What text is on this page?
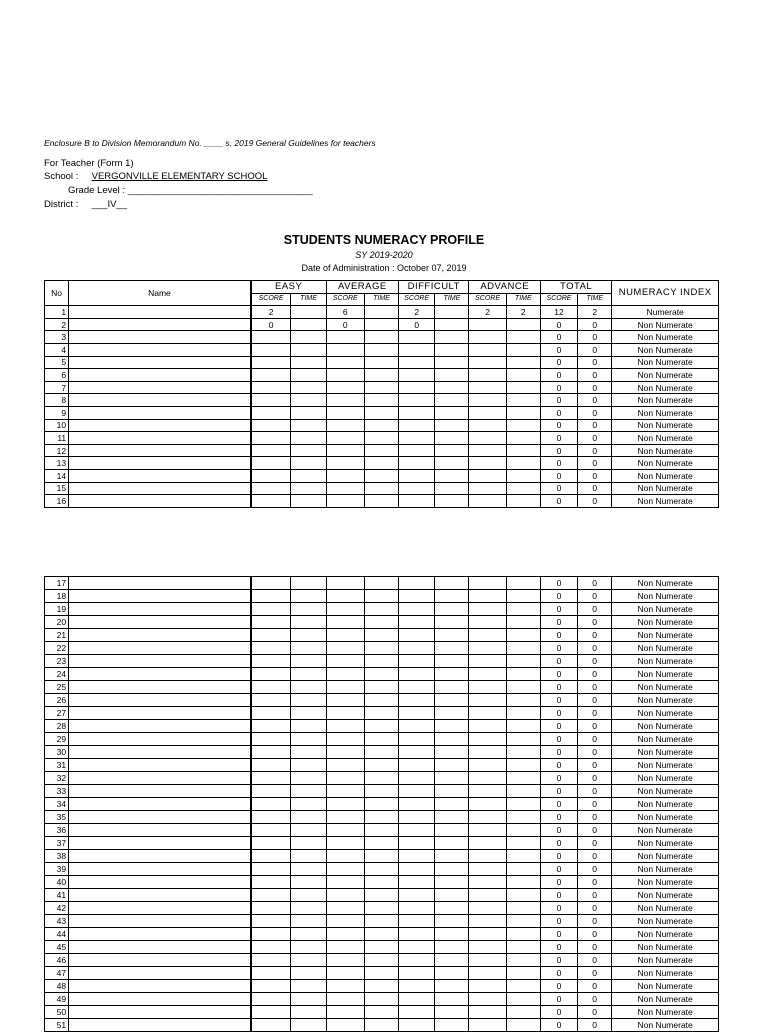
Enclosure B to Division Memorandum No. ____ s. 2019 General Guidelines for teachers
For Teacher (Form 1)
School : VERGONVILLE ELEMENTARY SCHOOL
Grade Level : ___________________________________
District : ___IV__
STUDENTS NUMERACY PROFILE
SY 2019-2020
Date of Administration : October 07, 2019
No	Name	EASY		AVERAGE		DIFFICULT		ADVANCE		TOTAL		NUMERACY INDEX
		SCORE	TIME	SCORE	TIME	SCORE	TIME	SCORE	TIME	SCORE	TIME	
1		2		6		2		2	2	12	2	Numerate
2		0		0		0				0	0	Non Numerate
3										0	0	Non Numerate
4										0	0	Non Numerate
5										0	0	Non Numerate
6										0	0	Non Numerate
7										0	0	Non Numerate
8										0	0	Non Numerate
9										0	0	Non Numerate
10										0	0	Non Numerate
11										0	0	Non Numerate
12										0	0	Non Numerate
13										0	0	Non Numerate
14										0	0	Non Numerate
15										0	0	Non Numerate
16										0	0	Non Numerate
17										0	0	Non Numerate
18										0	0	Non Numerate
19										0	0	Non Numerate
20										0	0	Non Numerate
21										0	0	Non Numerate
22										0	0	Non Numerate
23										0	0	Non Numerate
24										0	0	Non Numerate
25										0	0	Non Numerate
26										0	0	Non Numerate
27										0	0	Non Numerate
28										0	0	Non Numerate
29										0	0	Non Numerate
30										0	0	Non Numerate
31										0	0	Non Numerate
32										0	0	Non Numerate
33										0	0	Non Numerate
34										0	0	Non Numerate
35										0	0	Non Numerate
36										0	0	Non Numerate
37										0	0	Non Numerate
38										0	0	Non Numerate
39										0	0	Non Numerate
40										0	0	Non Numerate
41										0	0	Non Numerate
42										0	0	Non Numerate
43										0	0	Non Numerate
44										0	0	Non Numerate
45										0	0	Non Numerate
46										0	0	Non Numerate
47										0	0	Non Numerate
48										0	0	Non Numerate
49										0	0	Non Numerate
50										0	0	Non Numerate
51										0	0	Non Numerate
